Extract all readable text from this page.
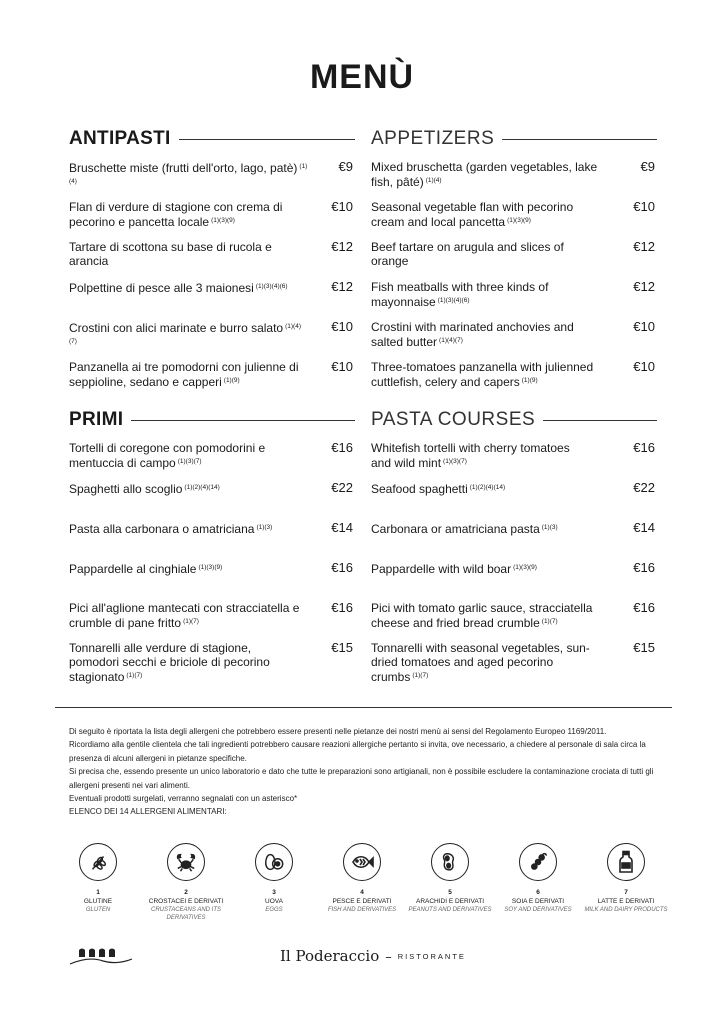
MENÙ
ANTIPASTI
Bruschette miste (frutti dell'orto, lago, patè) $^{(1)(4)}$
€9
Flan di verdure di stagione con crema di pecorino e pancetta locale $^{(1)(3)(9)}$
€10
Tartare di scottona su base di rucola e arancia
€12
Polpettine di pesce alle 3 maionesi $^{(1)(3)(4)(6)}$	€12
Crostini con alici marinate e burro salato $^{(1)(4)(7)}$
€10
Panzanella ai tre pomodorni con julienne di seppioline, sedano e capperi $^{(1)(9)}$
€10
APPETIZERS
Mixed bruschetta (garden vegetables, lake fish, pâté) $^{(1)(4)}$
€9
Seasonal vegetable flan with pecorino cream and local pancetta $^{(1)(3)(9)}$
€10
Beef tartare on arugula and slices of orange
€12
Fish meatballs with three kinds of mayonnaise $^{(1)(3)(4)(6)}$
€12
Crostini with marinated anchovies and salted butter $^{(1)(4)(7)}$
€10
Three-tomatoes panzanella with julienned cuttlefish, celery and capers $^{(1)(9)}$
€10
PRIMI
Tortelli di coregone con pomodorini e mentuccia di campo $^{(1)(3)(7)}$
€16
Spaghetti allo scoglio $^{(1)(2)(4)(14)}$	€22
Pasta alla carbonara o amatriciana $^{(1)(3)}$	€14
Pappardelle al cinghiale $^{(1)(3)(9)}$	€16
Pici all'aglione mantecati con stracciatella e crumble di pane fritto $^{(1)(7)}$
€16
Tonnarelli alle verdure di stagione, pomodori secchi e briciole di pecorino stagionato $^{(1)(7)}$
€15
PASTA COURSES
Whitefish tortelli with cherry tomatoes and wild mint $^{(1)(3)(7)}$
€16
Seafood spaghetti $^{(1)(2)(4)(14)}$	€22
Carbonara or amatriciana pasta $^{(1)(3)}$	€14
Pappardelle with wild boar $^{(1)(3)(9)}$	€16
Pici with tomato garlic sauce, stracciatella cheese and fried bread crumble $^{(1)(7)}$
€16
Tonnarelli with seasonal vegetables, sun-dried tomatoes and aged pecorino crumbs $^{(1)(7)}$
€15
Di seguito è riportata la lista degli allergeni che potrebbero essere presenti nelle pietanze dei nostri menù ai sensi del Regolamento Europeo 1169/2011.
Ricordiamo alla gentile clientela che tali ingredienti potrebbero causare reazioni allergiche pertanto si invita, ove necessario, a chiedere al personale di sala circa la presenza di alcuni allergeni in pietanze specifiche.
Si precisa che, essendo presente un unico laboratorio e dato che tutte le preparazioni sono artigianali, non è possibile escludere la contaminazione crociata di tutti gli allergeni presenti nei vari alimenti.
Eventuali prodotti surgelati, verranno segnalati con un asterisco*
ELENCO DEI 14 ALLERGENI ALIMENTARI:
1
GLUTINE
GLUTEN
2
CROSTACEI E DERIVATI
CRUSTACEANS AND ITS DERIVATIVES
3
UOVA
EGGS
4
PESCE E DERIVATI
FISH AND DERIVATIVES
5
ARACHIDI E DERIVATI
PEANUTS AND DERIVATIVES
6
SOIA E DERIVATI
SOY AND DERIVATIVES
7
LATTE E DERIVATI
MILK AND DAIRY PRODUCTS
Il Poderaccio – $^{RISTORANTE}$
